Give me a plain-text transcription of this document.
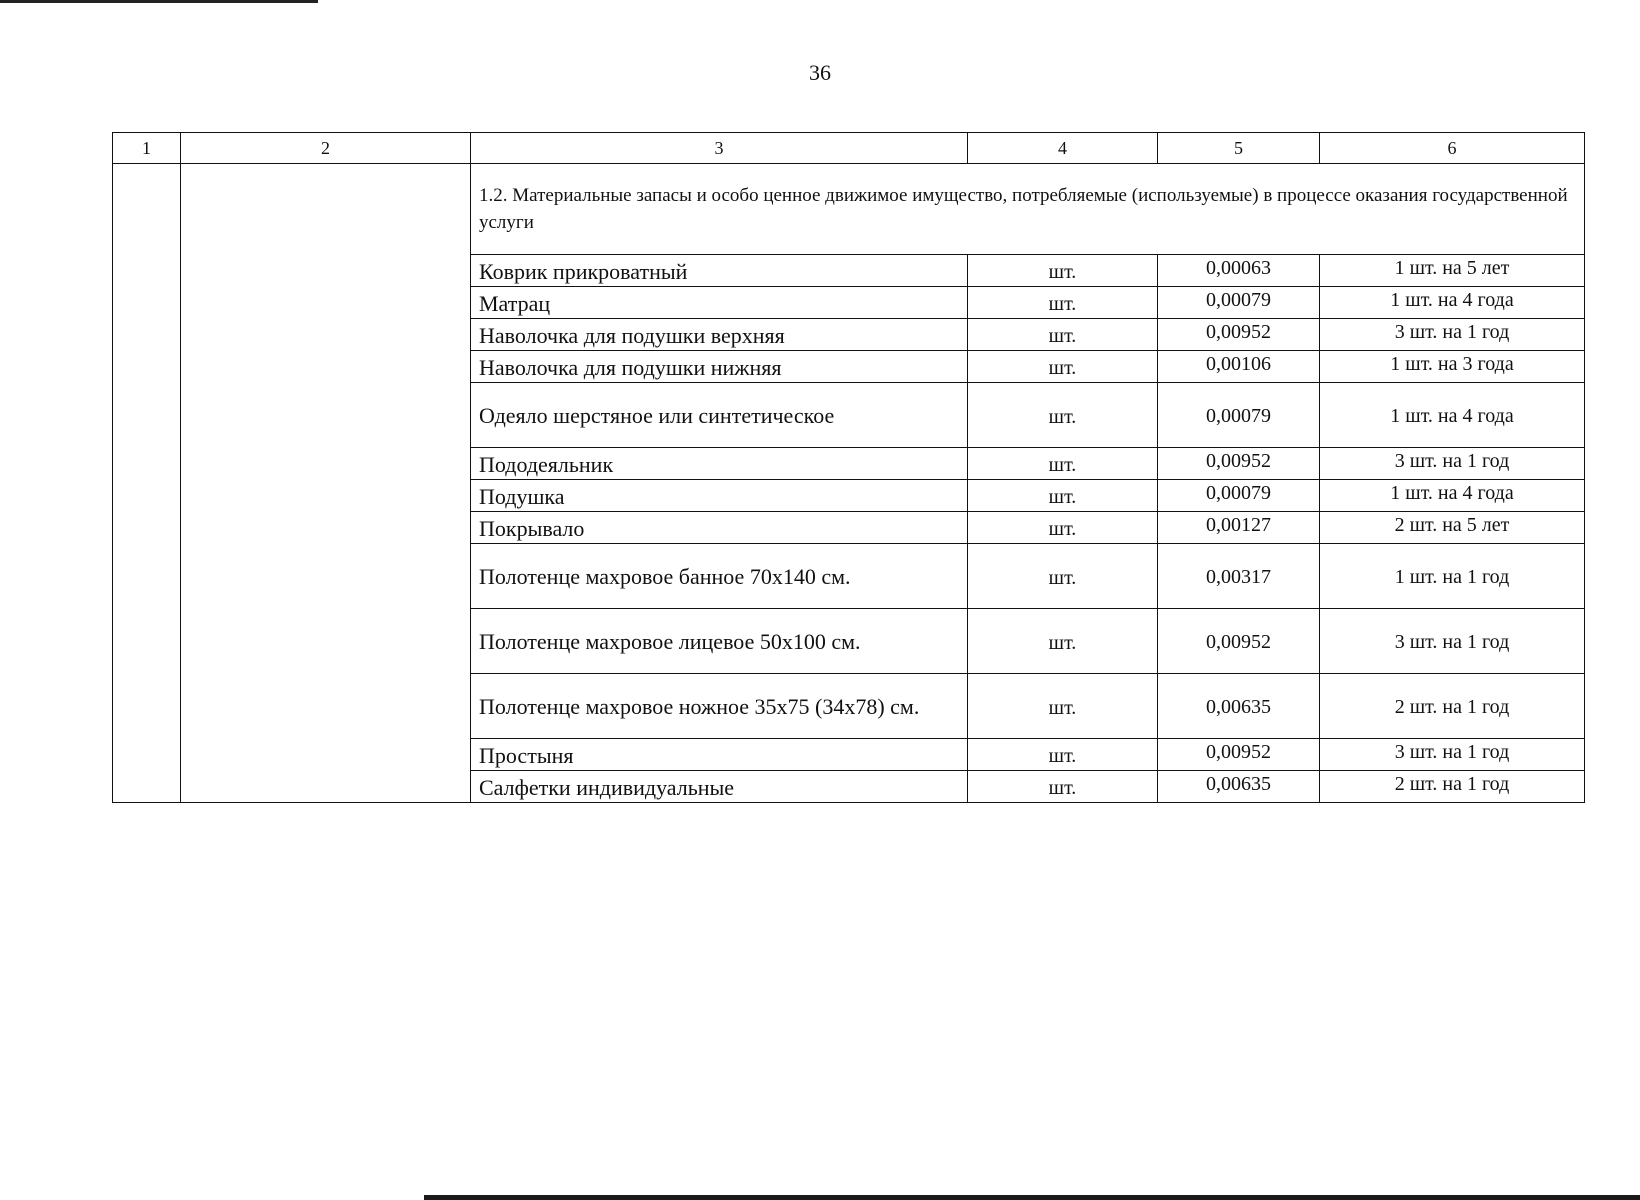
36
1	2	3	4	5	6
		1.2. Материальные запасы и особо ценное движимое имущество, потребляемые (используемые) в процессе оказания государственной услуги			
		Коврик прикроватный	шт.	0,00063	1 шт. на 5 лет
		Матрац	шт.	0,00079	1 шт. на 4 года
		Наволочка для подушки верхняя	шт.	0,00952	3 шт. на 1 год
		Наволочка для подушки нижняя	шт.	0,00106	1 шт. на 3 года
		Одеяло шерстяное или синтетическое	шт.	0,00079	1 шт. на 4 года
		Пододеяльник	шт.	0,00952	3 шт. на 1 год
		Подушка	шт.	0,00079	1 шт. на 4 года
		Покрывало	шт.	0,00127	2 шт. на 5 лет
		Полотенце махровое банное 70х140 см.	шт.	0,00317	1 шт. на 1 год
		Полотенце махровое лицевое 50х100 см.	шт.	0,00952	3 шт. на 1 год
		Полотенце махровое ножное 35х75 (34х78) см.	шт.	0,00635	2 шт. на 1 год
		Простыня	шт.	0,00952	3 шт. на 1 год
		Салфетки индивидуальные	шт.	0,00635	2 шт. на 1 год
